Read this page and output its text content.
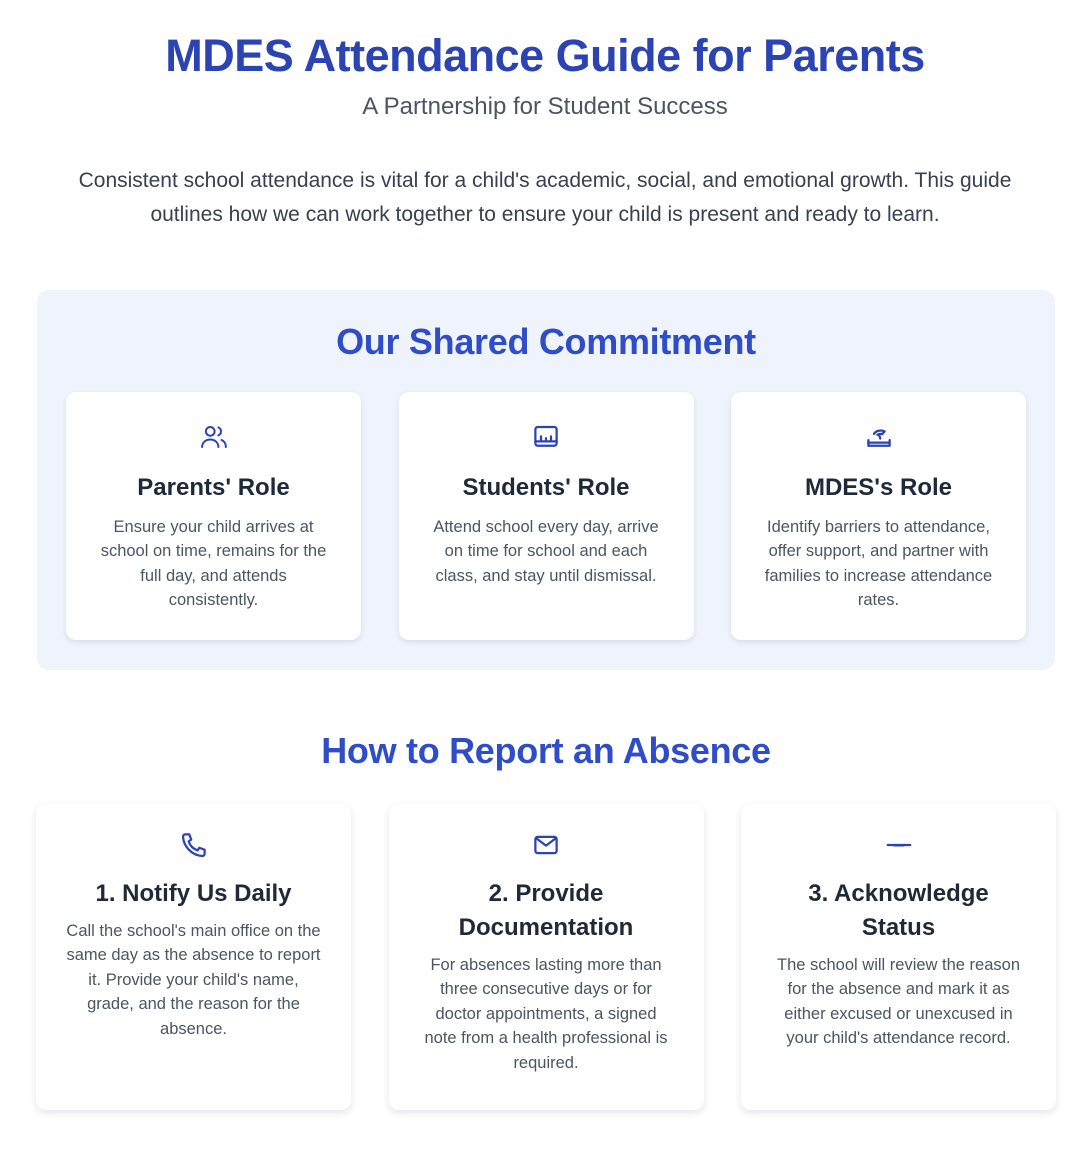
MDES Attendance Guide for Parents
A Partnership for Student Success

Consistent school attendance is vital for a child's academic, social, and emotional growth. This guide outlines how we can work together to ensure your child is present and ready to learn.

Our Shared Commitment
Parents' Role

Ensure your child arrives at school on time, remains for the full day, and attends consistently.

Students' Role

Attend school every day, arrive on time for school and each class, and stay until dismissal.

MDES's Role

Identify barriers to attendance, offer support, and partner with families to increase attendance rates.

How to Report an Absence
1. Notify Us Daily

Call the school's main office on the same day as the absence to report it. Provide your child's name, grade, and the reason for the absence.

2. Provide Documentation

For absences lasting more than three consecutive days or for doctor appointments, a signed note from a health professional is required.

3. Acknowledge Status

The school will review the reason for the absence and mark it as either excused or unexcused in your child's attendance record.
